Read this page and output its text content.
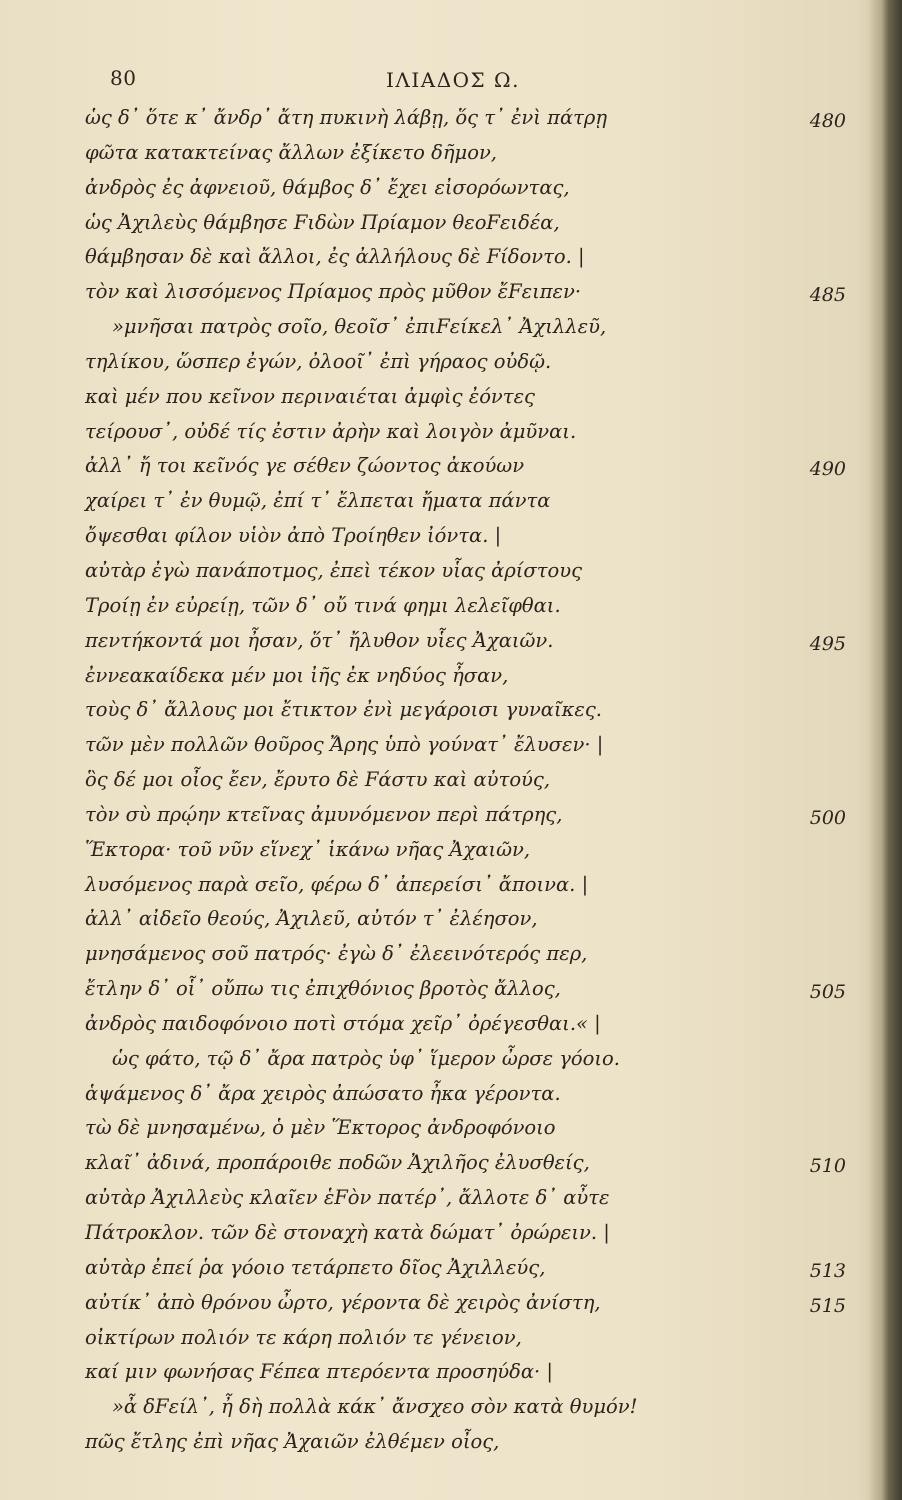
80	ΙΛΙΑΔΟΣ Ω.
ὡς δ᾽ ὅτε κ᾽ ἄνδρ᾽ ἄτη πυκινὴ λάβῃ, ὅς τ᾽ ἐνὶ πάτρῃ	480
φῶτα κατακτείνας ἄλλων ἐξίκετο δῆμον,
ἀνδρὸς ἐς ἀφνειοῦ, θάμβος δ᾽ ἔχει εἰσορόωντας,
ὡς Ἀχιλεὺς θάμβησε Fιδὼν Πρίαμον θεοFειδέα,
θάμβησαν δὲ καὶ ἄλλοι, ἐς ἀλλήλους δὲ Fίδοντο. |
τὸν καὶ λισσόμενος Πρίαμος πρὸς μῦθον ἔFειπεν·	485
»μνῆσαι πατρὸς σοῖο, θεοῖσ᾽ ἐπιFείκελ᾽ Ἀχιλλεῦ,
τηλίκου, ὥσπερ ἐγών, ὀλοοῖ᾽ ἐπὶ γήραος οὐδῷ.
καὶ μέν που κεῖνον περιναιέται ἀμφὶς ἐόντες
τείρουσ᾽, οὐδέ τίς ἐστιν ἀρὴν καὶ λοιγὸν ἀμῦναι.
ἀλλ᾽ ἤ τοι κεῖνός γε σέθεν ζώοντος ἀκούων	490
χαίρει τ᾽ ἐν θυμῷ, ἐπί τ᾽ ἔλπεται ἤματα πάντα
ὄψεσθαι φίλον υἱὸν ἀπὸ Τροίηθεν ἰόντα. |
αὐτὰρ ἐγὼ πανάποτμος, ἐπεὶ τέκον υἷας ἀρίστους
Τροίῃ ἐν εὐρείῃ, τῶν δ᾽ οὔ τινά φημι λελεῖφθαι.
πεντήκοντά μοι ἦσαν, ὅτ᾽ ἤλυθον υἷες Ἀχαιῶν.	495
ἐννεακαίδεκα μέν μοι ἰῆς ἐκ νηδύος ἦσαν,
τοὺς δ᾽ ἄλλους μοι ἔτικτον ἐνὶ μεγάροισι γυναῖκες.
τῶν μὲν πολλῶν θοῦρος Ἄρης ὑπὸ γούνατ᾽ ἔλυσεν· |
ὃς δέ μοι οἶος ἔεν, ἔρυτο δὲ Fάστυ καὶ αὐτούς,
τὸν σὺ πρῴην κτεῖνας ἀμυνόμενον περὶ πάτρης,	500
Ἕκτορα· τοῦ νῦν εἵνεχ᾽ ἱκάνω νῆας Ἀχαιῶν,
λυσόμενος παρὰ σεῖο, φέρω δ᾽ ἀπερείσι᾽ ἄποινα. |
ἀλλ᾽ αἰδεῖο θεούς, Ἀχιλεῦ, αὐτόν τ᾽ ἐλέησον,
μνησάμενος σοῦ πατρός· ἐγὼ δ᾽ ἐλεεινότερός περ,
ἔτλην δ᾽ οἷ᾽ οὔπω τις ἐπιχθόνιος βροτὸς ἄλλος,	505
ἀνδρὸς παιδοφόνοιο ποτὶ στόμα χεῖρ᾽ ὀρέγεσθαι.« |
ὡς φάτο, τῷ δ᾽ ἄρα πατρὸς ὑφ᾽ ἵμερον ὦρσε γόοιο.
ἁψάμενος δ᾽ ἄρα χειρὸς ἀπώσατο ἦκα γέροντα.
τὼ δὲ μνησαμένω, ὁ μὲν Ἕκτορος ἀνδροφόνοιο
κλαῖ᾽ ἀδινά, προπάροιθε ποδῶν Ἀχιλῆος ἐλυσθείς,	510
αὐτὰρ Ἀχιλλεὺς κλαῖεν ἑFὸν πατέρ᾽, ἄλλοτε δ᾽ αὖτε
Πάτροκλον. τῶν δὲ στοναχὴ κατὰ δώματ᾽ ὀρώρειν. |
αὐτὰρ ἐπεί ῥα γόοιο τετάρπετο δῖος Ἀχιλλεύς,	513
αὐτίκ᾽ ἀπὸ θρόνου ὦρτο, γέροντα δὲ χειρὸς ἀνίστη,	515
οἰκτίρων πολιόν τε κάρη πολιόν τε γένειον,
καί μιν φωνήσας Fέπεα πτερόεντα προσηύδα· |
»ἆ δFείλ᾽, ἦ δὴ πολλὰ κάκ᾽ ἄνσχεο σὸν κατὰ θυμόν!
πῶς ἔτλης ἐπὶ νῆας Ἀχαιῶν ἐλθέμεν οἶος,
